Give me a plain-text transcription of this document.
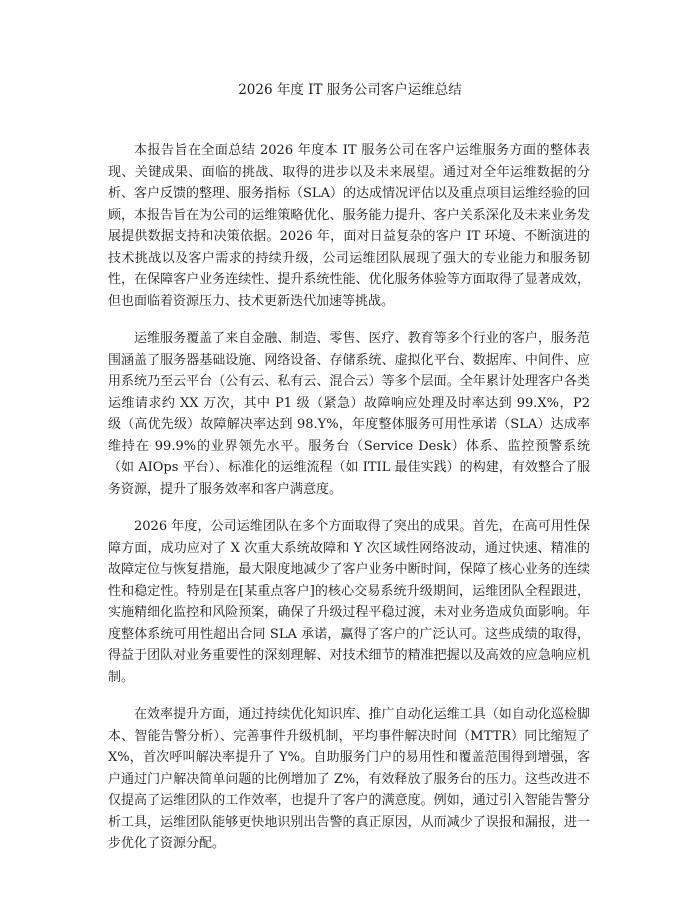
2026 年度 IT 服务公司客户运维总结

本报告旨在全面总结 2026 年度本 IT 服务公司在客户运维服务方面的整体表现、关键成果、面临的挑战、取得的进步以及未来展望。通过对全年运维数据的分析、客户反馈的整理、服务指标（SLA）的达成情况评估以及重点项目运维经验的回顾，本报告旨在为公司的运维策略优化、服务能力提升、客户关系深化及未来业务发展提供数据支持和决策依据。2026 年，面对日益复杂的客户 IT 环境、不断演进的技术挑战以及客户需求的持续升级，公司运维团队展现了强大的专业能力和服务韧性，在保障客户业务连续性、提升系统性能、优化服务体验等方面取得了显著成效，但也面临着资源压力、技术更新迭代加速等挑战。

运维服务覆盖了来自金融、制造、零售、医疗、教育等多个行业的客户，服务范围涵盖了服务器基础设施、网络设备、存储系统、虚拟化平台、数据库、中间件、应用系统乃至云平台（公有云、私有云、混合云）等多个层面。全年累计处理客户各类运维请求约 XX 万次，其中 P1 级（紧急）故障响应处理及时率达到 99.X%，P2 级（高优先级）故障解决率达到 98.Y%，年度整体服务可用性承诺（SLA）达成率维持在 99.9%的业界领先水平。服务台（Service Desk）体系、监控预警系统（如 AIOps 平台）、标准化的运维流程（如 ITIL 最佳实践）的构建，有效整合了服务资源，提升了服务效率和客户满意度。

2026 年度，公司运维团队在多个方面取得了突出的成果。首先，在高可用性保障方面，成功应对了 X 次重大系统故障和 Y 次区域性网络波动，通过快速、精准的故障定位与恢复措施，最大限度地减少了客户业务中断时间，保障了核心业务的连续性和稳定性。特别是在[某重点客户]的核心交易系统升级期间，运维团队全程跟进，实施精细化监控和风险预案，确保了升级过程平稳过渡，未对业务造成负面影响。年度整体系统可用性超出合同 SLA 承诺，赢得了客户的广泛认可。这些成绩的取得，得益于团队对业务重要性的深刻理解、对技术细节的精准把握以及高效的应急响应机制。

在效率提升方面，通过持续优化知识库、推广自动化运维工具（如自动化巡检脚本、智能告警分析）、完善事件升级机制，平均事件解决时间（MTTR）同比缩短了 X%，首次呼叫解决率提升了 Y%。自助服务门户的易用性和覆盖范围得到增强，客户通过门户解决简单问题的比例增加了 Z%，有效释放了服务台的压力。这些改进不仅提高了运维团队的工作效率，也提升了客户的满意度。例如，通过引入智能告警分析工具，运维团队能够更快地识别出告警的真正原因，从而减少了误报和漏报，进一步优化了资源分配。
